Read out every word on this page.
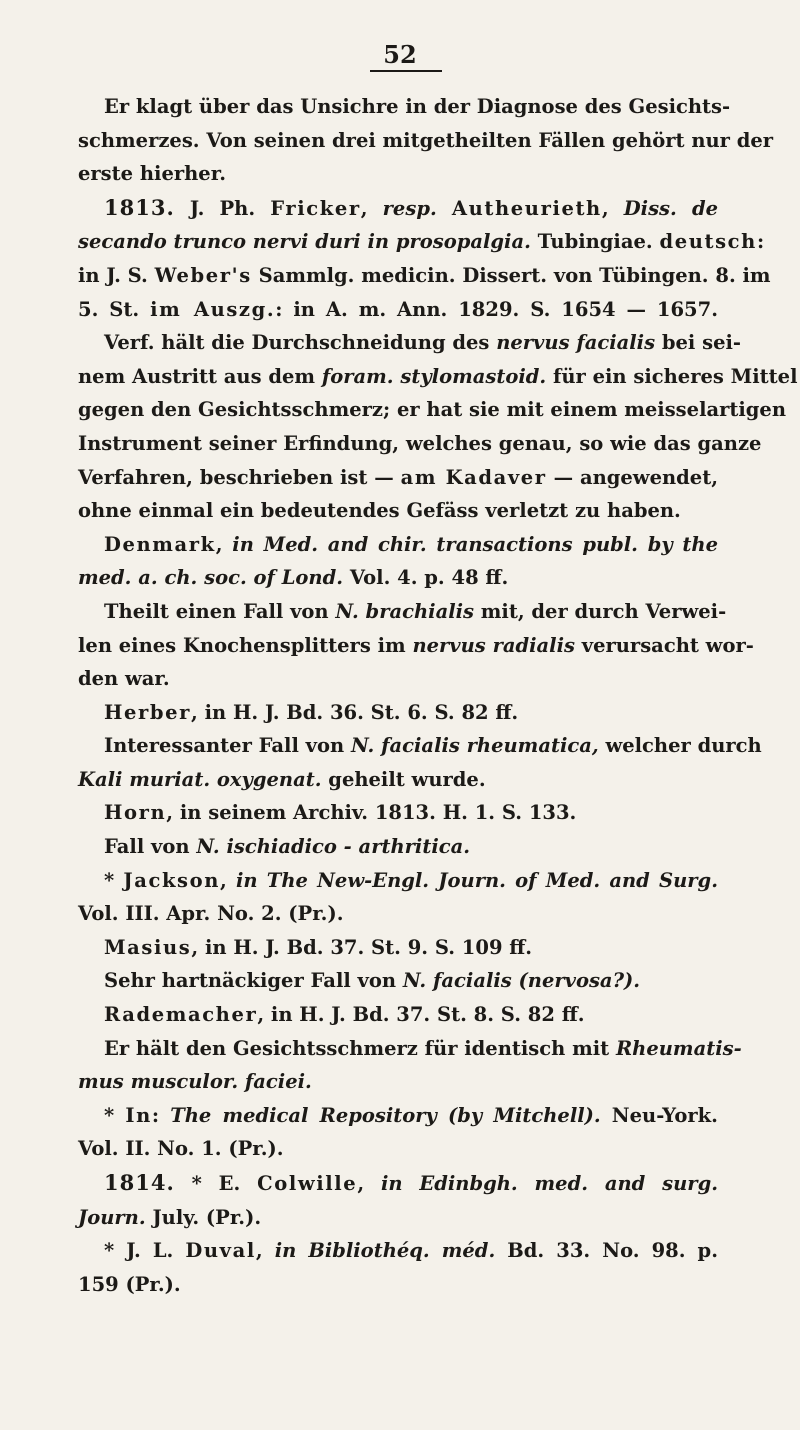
52
Er klagt über das Unsichre in der Diagnose des Gesichts-
schmerzes. Von seinen drei mitgetheilten Fällen gehört nur der
erste hierher.
1813. J. Ph. Fricker, resp. Autheurieth, Diss. de
secando trunco nervi duri in prosopalgia. Tubingiae. deutsch:
in J. S. Weber's Sammlg. medicin. Dissert. von Tübingen. 8. im
5. St. im Auszg.: in A. m. Ann. 1829. S. 1654 — 1657.
Verf. hält die Durchschneidung des nervus facialis bei sei-
nem Austritt aus dem foram. stylomastoid. für ein sicheres Mittel
gegen den Gesichtsschmerz; er hat sie mit einem meisselartigen
Instrument seiner Erfindung, welches genau, so wie das ganze
Verfahren, beschrieben ist — am Kadaver — angewendet,
ohne einmal ein bedeutendes Gefäss verletzt zu haben.
Denmark, in Med. and chir. transactions publ. by the
med. a. ch. soc. of Lond. Vol. 4. p. 48 ff.
Theilt einen Fall von N. brachialis mit, der durch Verwei-
len eines Knochensplitters im nervus radialis verursacht wor-
den war.
Herber, in H. J. Bd. 36. St. 6. S. 82 ff.
Interessanter Fall von N. facialis rheumatica, welcher durch
Kali muriat. oxygenat. geheilt wurde.
Horn, in seinem Archiv. 1813. H. 1. S. 133.
Fall von N. ischiadico - arthritica.
* Jackson, in The New-Engl. Journ. of Med. and Surg.
Vol. III. Apr. No. 2. (Pr.).
Masius, in H. J. Bd. 37. St. 9. S. 109 ff.
Sehr hartnäckiger Fall von N. facialis (nervosa?).
Rademacher, in H. J. Bd. 37. St. 8. S. 82 ff.
Er hält den Gesichtsschmerz für identisch mit Rheumatis-
mus musculor. faciei.
* In: The medical Repository (by Mitchell). Neu-York.
Vol. II. No. 1. (Pr.).
1814. * E. Colwille, in Edinbgh. med. and surg.
Journ. July. (Pr.).
* J. L. Duval, in Bibliothéq. méd. Bd. 33. No. 98. p.
159 (Pr.).
